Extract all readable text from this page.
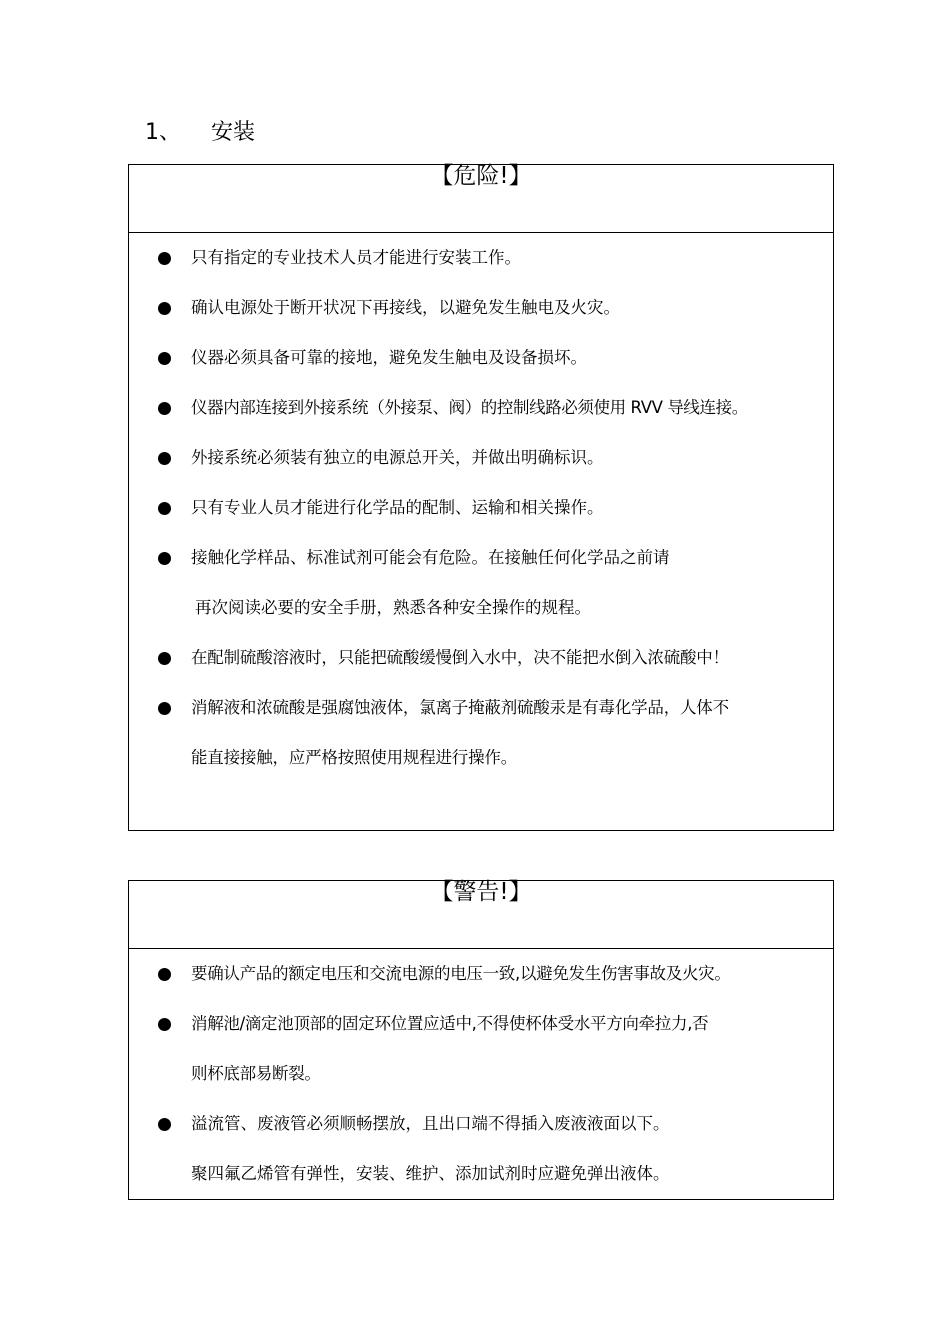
1、 安装
【危险!】
只有指定的专业技术人员才能进行安装工作。
确认电源处于断开状况下再接线，以避免发生触电及火灾。
仪器必须具备可靠的接地，避免发生触电及设备损坏。
仪器内部连接到外接系统（外接泵、阀）的控制线路必须使用 RVV 导线连接。
外接系统必须装有独立的电源总开关，并做出明确标识。
只有专业人员才能进行化学品的配制、运输和相关操作。
接触化学样品、标准试剂可能会有危险。在接触任何化学品之前请
再次阅读必要的安全手册，熟悉各种安全操作的规程。
在配制硫酸溶液时，只能把硫酸缓慢倒入水中，决不能把水倒入浓硫酸中！
消解液和浓硫酸是强腐蚀液体，氯离子掩蔽剂硫酸汞是有毒化学品，人体不
能直接接触，应严格按照使用规程进行操作。
【警告!】
要确认产品的额定电压和交流电源的电压一致,以避免发生伤害事故及火灾。
消解池/滴定池顶部的固定环位置应适中,不得使杯体受水平方向牵拉力,否
则杯底部易断裂。
溢流管、废液管必须顺畅摆放，且出口端不得插入废液液面以下。
聚四氟乙烯管有弹性，安装、维护、添加试剂时应避免弹出液体。
